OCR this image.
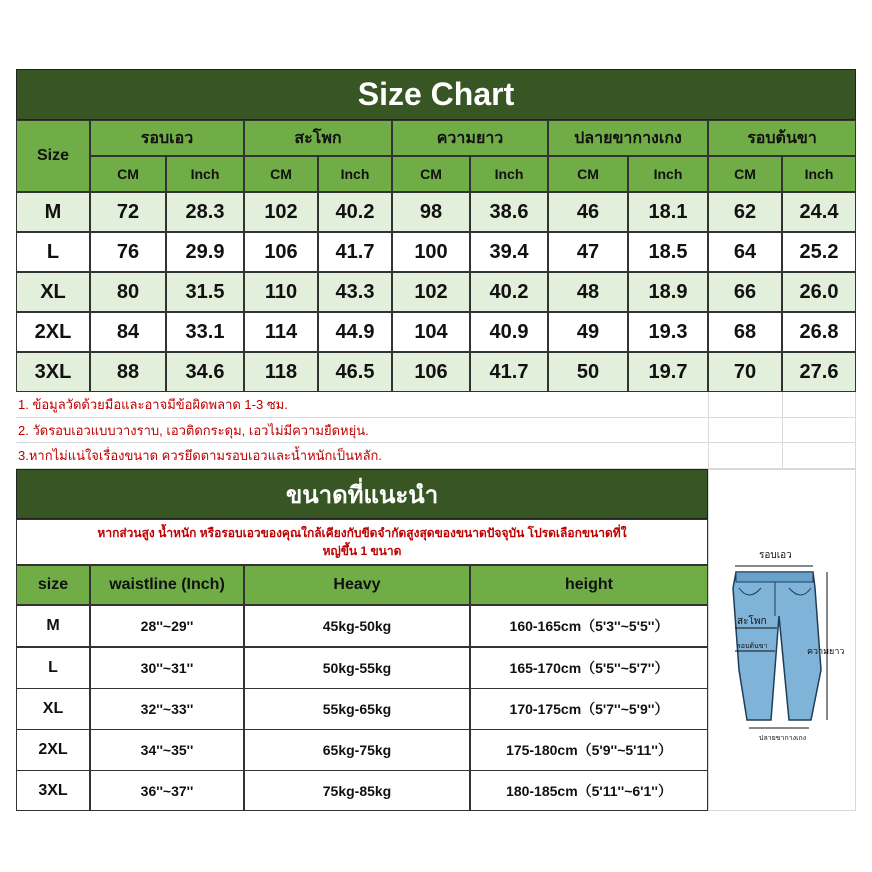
Size Chart
Size
รอบเอว	สะโพก	ความยาว	ปลายขากางเกง	รอบต้นขา
CM	Inch	CM	Inch	CM	Inch	CM	Inch	CM	Inch
M	72	28.3	102	40.2	98	38.6	46	18.1	62	24.4
L	76	29.9	106	41.7	100	39.4	47	18.5	64	25.2
XL	80	31.5	110	43.3	102	40.2	48	18.9	66	26.0
2XL	84	33.1	114	44.9	104	40.9	49	19.3	68	26.8
3XL	88	34.6	118	46.5	106	41.7	50	19.7	70	27.6
1. ข้อมูลวัดด้วยมือและอาจมีข้อผิดพลาด 1-3 ซม.
2. วัดรอบเอวแบบวางราบ, เอวติดกระดุม, เอวไม่มีความยืดหยุ่น.
3.หากไม่แน่ใจเรื่องขนาด ควรยึดตามรอบเอวและน้ำหนักเป็นหลัก.
ขนาดที่แนะนำ
หากส่วนสูง น้ำหนัก หรือรอบเอวของคุณใกล้เคียงกับขีดจำกัดสูงสุดของขนาดปัจจุบัน โปรดเลือกขนาดที่ใ
หญ่ขึ้น 1 ขนาด
size	waistline (Inch)	Heavy	height
M	28''~29''	45kg-50kg	160-165cm（5'3''~5'5''）
L	30''~31''	50kg-55kg	165-170cm（5'5''~5'7''）
XL	32''~33''	55kg-65kg	170-175cm（5'7''~5'9''）
2XL	34''~35''	65kg-75kg	175-180cm（5'9''~5'11''）
3XL	36''~37''	75kg-85kg	180-185cm（5'11''~6'1''）
รอบเอว
สะโพก
รอบต้นขา
ความยาว
ปลายขากางเกง
